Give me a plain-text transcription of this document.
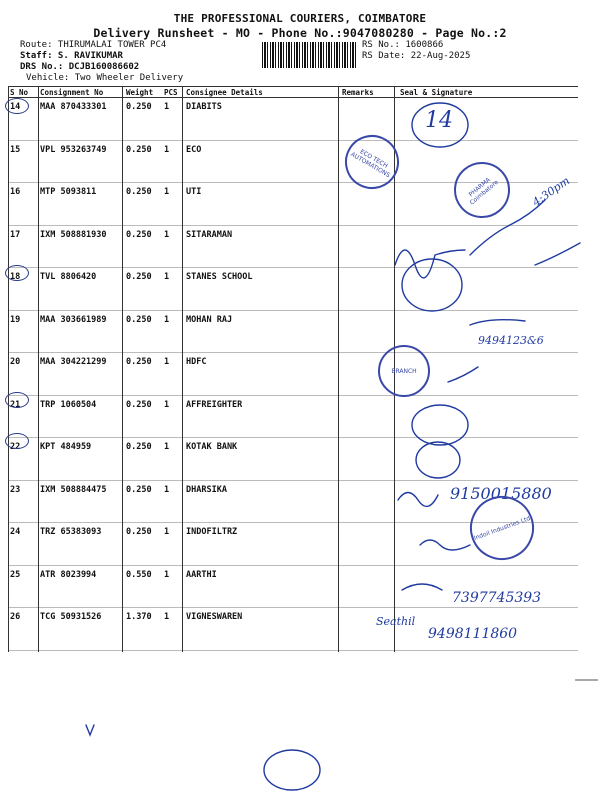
THE PROFESSIONAL COURIERS, COIMBATORE
Delivery Runsheet - MO - Phone No.:9047080280 - Page No.:2
Route: THIRUMALAI TOWER PC4
Staff: S. RAVIKUMAR
DRS No.: DCJB160086602
Vehicle: Two Wheeler Delivery
RS No.: 1600866
RS Date: 22-Aug-2025
S No	Consignment No	Weight	PCS	Consignee Details	Remarks	Seal & Signature
14	MAA 870433301	0.250	1	DIABITS		
15	VPL 953263749	0.250	1	ECO		
16	MTP 5093811	0.250	1	UTI		
17	IXM 508881930	0.250	1	SITARAMAN		
18	TVL 8806420	0.250	1	STANES SCHOOL		
19	MAA 303661989	0.250	1	MOHAN RAJ		
20	MAA 304221299	0.250	1	HDFC		
21	TRP 1060504	0.250	1	AFFREIGHTER		
22	KPT 484959	0.250	1	KOTAK BANK		
23	IXM 508884475	0.250	1	DHARSIKA		
24	TRZ 65383093	0.250	1	INDOFILTRZ		
25	ATR 8023994	0.550	1	AARTHI		
26	TCG 50931526	1.370	1	VIGNESWAREN		
14
4:30pm
9494123&6
9150015880
7397745393
Seathil
9498111860
ECO TECH AUTOMATIONS
PHARMA Coimbatore
BRANCH
Indoil Industries Ltd
